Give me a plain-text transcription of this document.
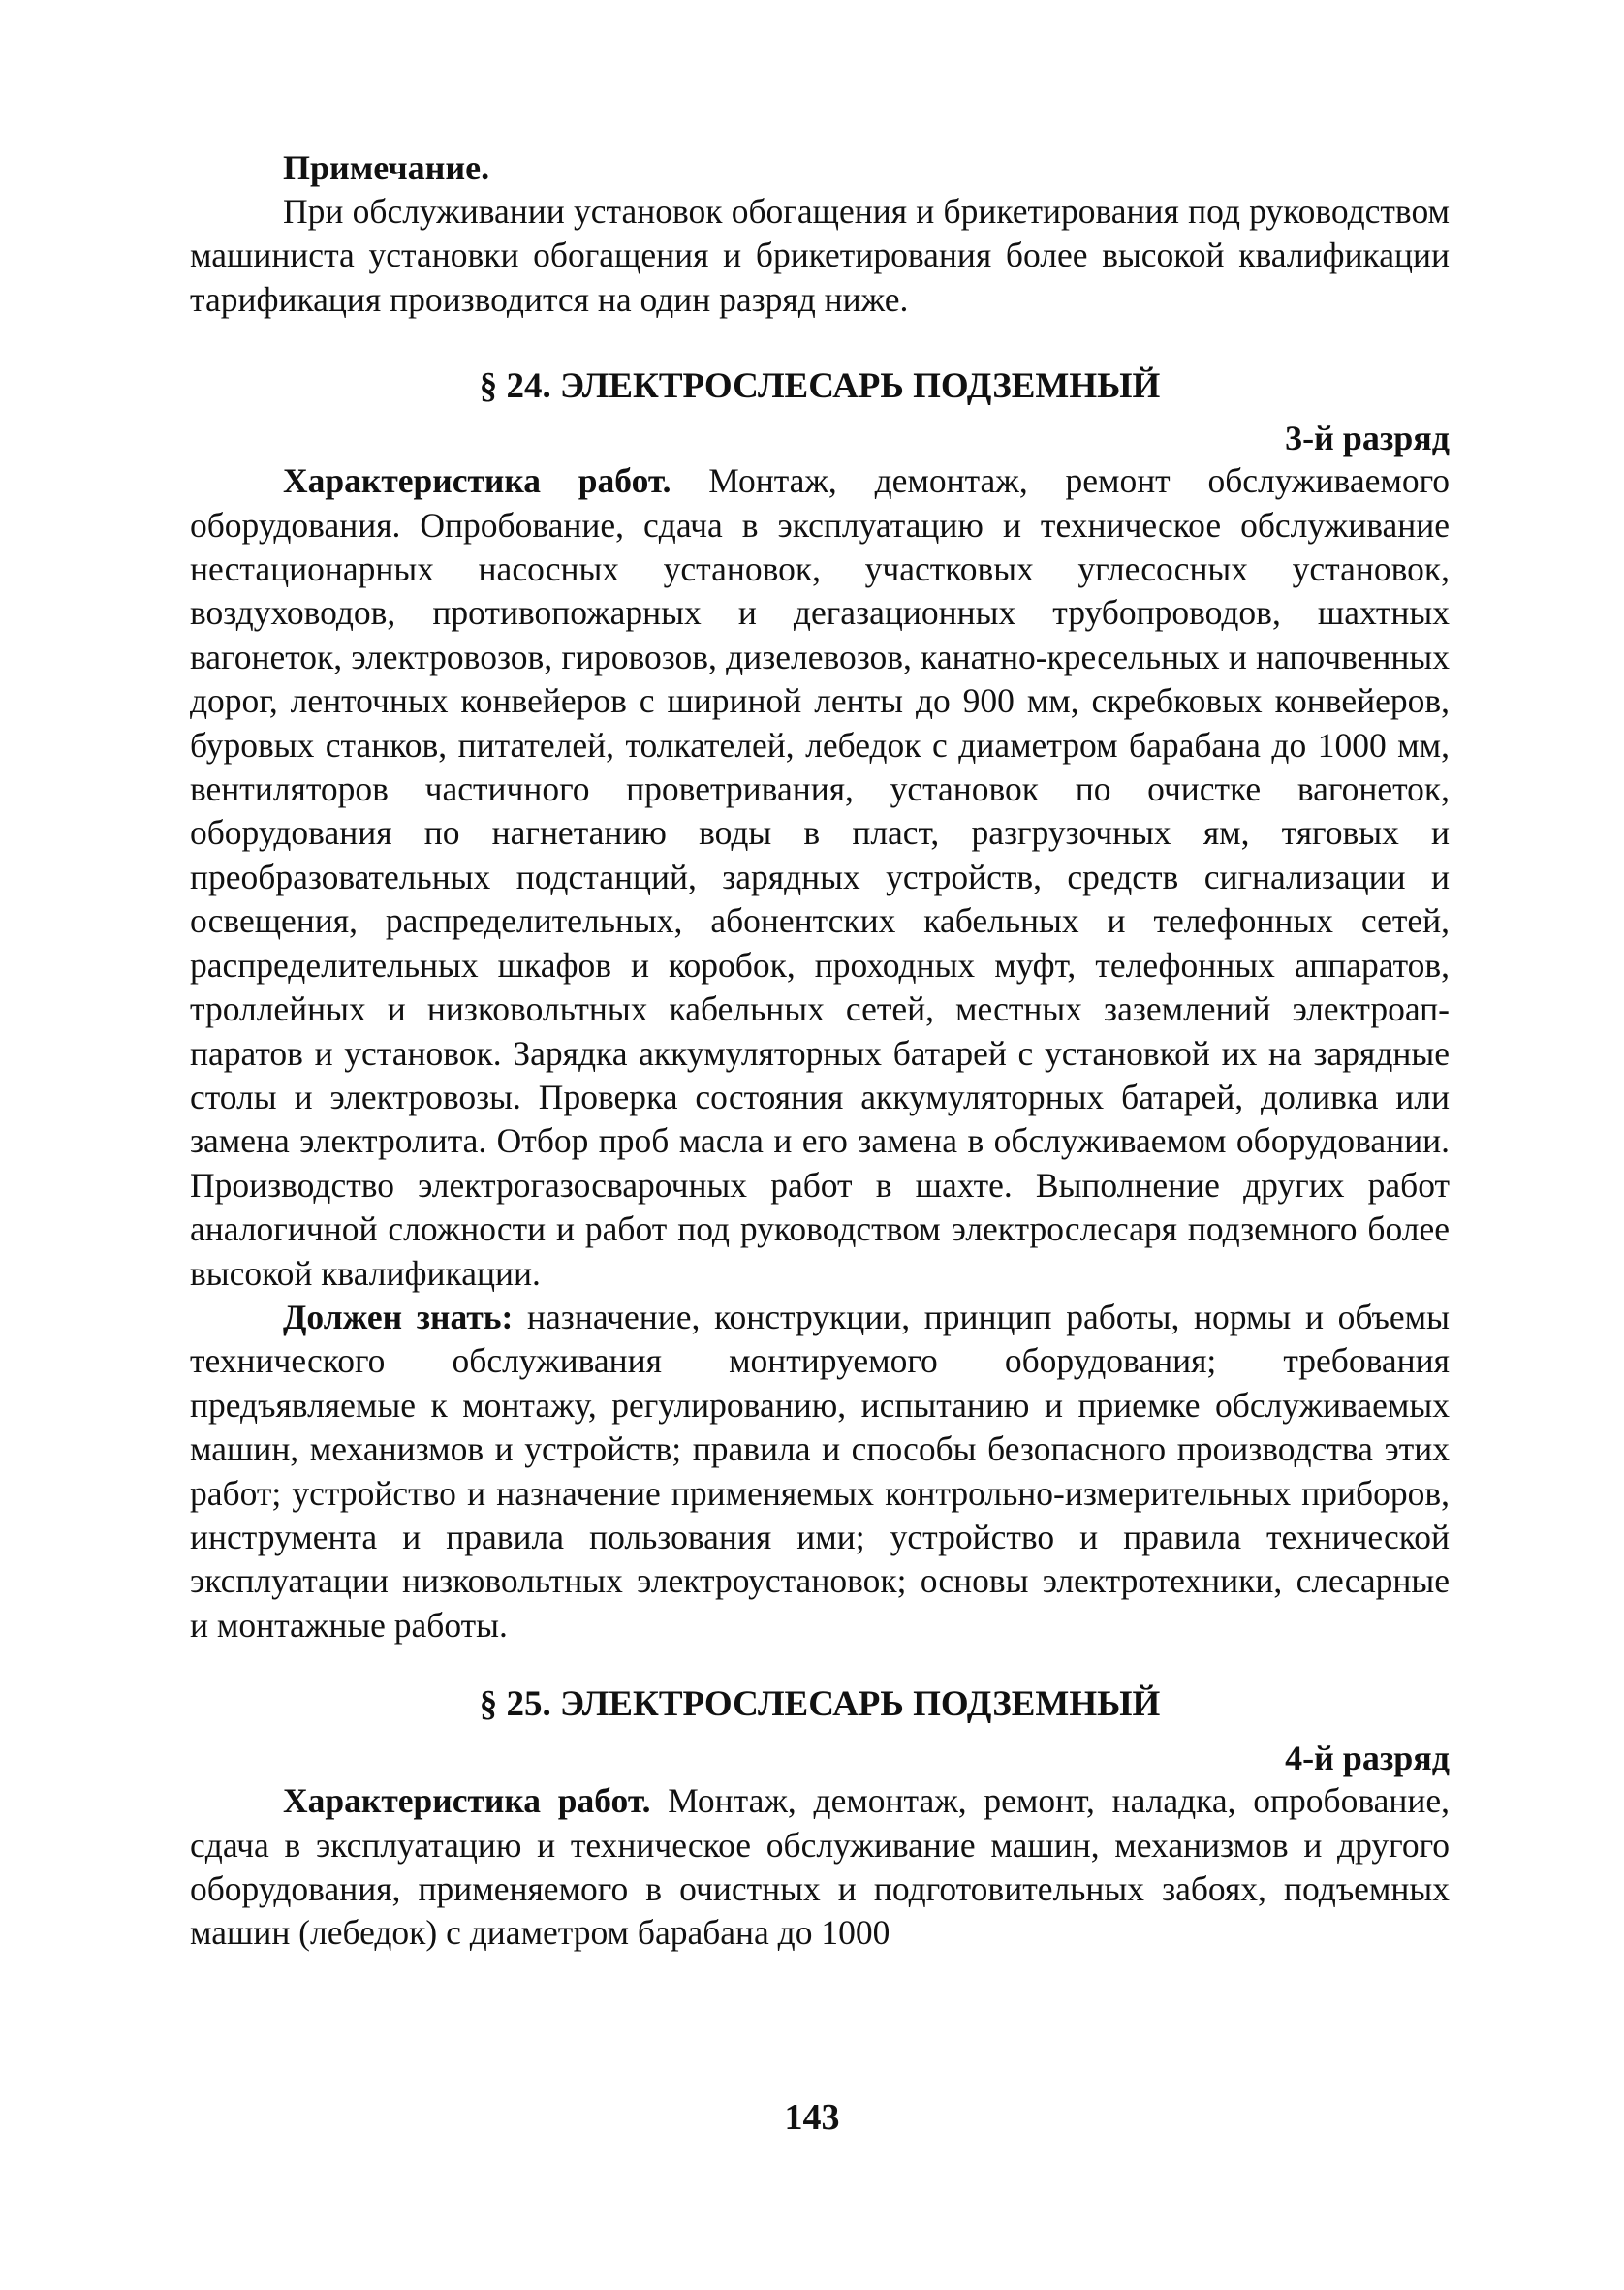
Примечание.

При обслуживании установок обогащения и брикетирования под руководством машиниста установки обогащения и брикетирования более высокой квалификации тарификация производится на один разряд ниже.

§ 24. ЭЛЕКТРОСЛЕСАРЬ ПОДЗЕМНЫЙ
3-й разряд

Характеристика работ. Монтаж, демонтаж, ремонт обслуживаемого оборудования. Опробование, сдача в эксплуатацию и техническое обслуживание нестационарных насосных установок, участковых углесосных установок, воздуховодов, противопожарных и дегазационных трубопроводов, шахтных вагонеток, электровозов, гировозов, дизелевозов, канатно-кресельных и напочвенных дорог, ленточных конвейеров с шириной ленты до 900 мм, скребковых конвейеров, буровых станков, питателей, толкателей, лебедок с диаметром барабана до 1000 мм, вентиляторов частичного проветривания, установок по очистке вагонеток, оборудования по нагнетанию воды в пласт, разгрузочных ям, тяговых и преобразовательных подстанций, зарядных устройств, средств сигнализации и освещения, распределительных, абонентских кабельных и телефонных сетей, распределительных шкафов и коробок, проходных муфт, телефонных аппаратов, троллейных и низковольтных кабельных сетей, местных заземлений электроаппаратов и установок. Зарядка аккумуляторных батарей с установкой их на зарядные столы и электровозы. Проверка состояния аккумуляторных батарей, доливка или замена электролита. Отбор проб масла и его замена в обслуживаемом оборудовании. Производство электрогазосварочных работ в шахте. Выполнение других работ аналогичной сложности и работ под руководством электрослесаря подземного более высокой квалификации.

Должен знать: назначение, конструкции, принцип работы, нормы и объемы технического обслуживания монтируемого оборудования; требования предъявляемые к монтажу, регулированию, испытанию и приемке обслуживаемых машин, механизмов и устройств; правила и способы безопасного производства этих работ; устройство и назначение применяемых контрольно-измерительных приборов, инструмента и правила пользования ими; устройство и правила технической эксплуатации низковольтных электроустановок; основы электротехники, слесарные и монтажные работы.

§ 25. ЭЛЕКТРОСЛЕСАРЬ ПОДЗЕМНЫЙ
4-й разряд

Характеристика работ. Монтаж, демонтаж, ремонт, наладка, опробование, сдача в эксплуатацию и техническое обслуживание машин, механизмов и другого оборудования, применяемого в очистных и подготовительных забоях, подъемных машин (лебедок) с диаметром барабана до 1000

143
